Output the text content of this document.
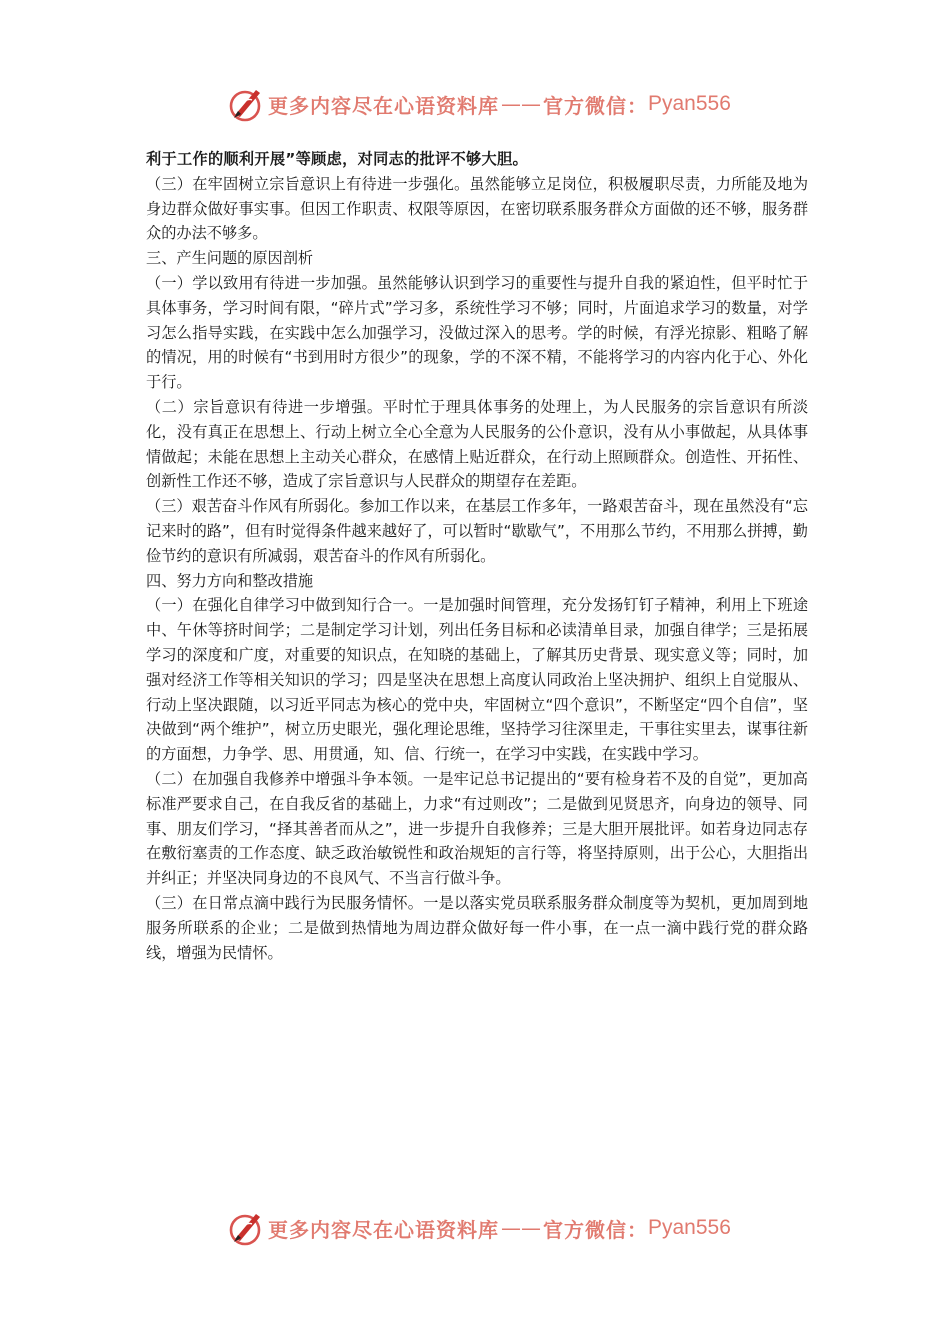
更多内容尽在心语资料库 —— 官方微信： Pyan556

利于工作的顺利开展”等顾虑，对同志的批评不够大胆。

（三）在牢固树立宗旨意识上有待进一步强化。虽然能够立足岗位，积极履职尽责，力所能及地为身边群众做好事实事。但因工作职责、权限等原因，在密切联系服务群众方面做的还不够，服务群众的办法不够多。

三、产生问题的原因剖析

（一）学以致用有待进一步加强。虽然能够认识到学习的重要性与提升自我的紧迫性，但平时忙于具体事务，学习时间有限，“碎片式”学习多，系统性学习不够；同时，片面追求学习的数量，对学习怎么指导实践，在实践中怎么加强学习，没做过深入的思考。学的时候，有浮光掠影、粗略了解的情况，用的时候有“书到用时方很少”的现象，学的不深不精，不能将学习的内容内化于心、外化于行。

（二）宗旨意识有待进一步增强。平时忙于理具体事务的处理上，为人民服务的宗旨意识有所淡化，没有真正在思想上、行动上树立全心全意为人民服务的公仆意识，没有从小事做起，从具体事情做起；未能在思想上主动关心群众，在感情上贴近群众，在行动上照顾群众。创造性、开拓性、创新性工作还不够，造成了宗旨意识与人民群众的期望存在差距。

（三）艰苦奋斗作风有所弱化。参加工作以来，在基层工作多年，一路艰苦奋斗，现在虽然没有“忘记来时的路”，但有时觉得条件越来越好了，可以暂时“歇歇气”，不用那么节约，不用那么拼搏，勤俭节约的意识有所减弱，艰苦奋斗的作风有所弱化。

四、努力方向和整改措施

（一）在强化自律学习中做到知行合一。一是加强时间管理，充分发扬钉钉子精神，利用上下班途中、午休等挤时间学；二是制定学习计划，列出任务目标和必读清单目录，加强自律学；三是拓展学习的深度和广度，对重要的知识点，在知晓的基础上，了解其历史背景、现实意义等；同时，加强对经济工作等相关知识的学习；四是坚决在思想上高度认同政治上坚决拥护、组织上自觉服从、行动上坚决跟随，以习近平同志为核心的党中央，牢固树立“四个意识”，不断坚定“四个自信”，坚决做到“两个维护”，树立历史眼光，强化理论思维，坚持学习往深里走，干事往实里去，谋事往新的方面想，力争学、思、用贯通，知、信、行统一，在学习中实践，在实践中学习。

（二）在加强自我修养中增强斗争本领。一是牢记总书记提出的“要有检身若不及的自觉”，更加高标准严要求自己，在自我反省的基础上，力求“有过则改”；二是做到见贤思齐，向身边的领导、同事、朋友们学习，“择其善者而从之”，进一步提升自我修养；三是大胆开展批评。如若身边同志存在敷衍塞责的工作态度、缺乏政治敏锐性和政治规矩的言行等，将坚持原则，出于公心，大胆指出并纠正；并坚决同身边的不良风气、不当言行做斗争。

（三）在日常点滴中践行为民服务情怀。一是以落实党员联系服务群众制度等为契机，更加周到地服务所联系的企业；二是做到热情地为周边群众做好每一件小事，在一点一滴中践行党的群众路线，增强为民情怀。

更多内容尽在心语资料库 —— 官方微信： Pyan556
